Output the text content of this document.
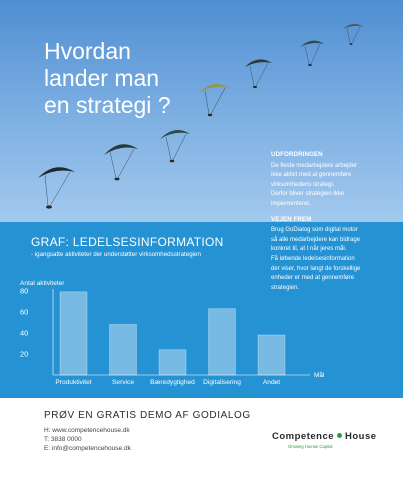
Hvordan
lander man
en strategi ?
UDFORDRINGEN
De fleste medarbejdere arbejder
ikke aktivt med at gennemføre
virksomhedens strategi.
Derfor bliver strategien ikke
implementeret.
VEJEN FREM
Brug GoDialog som digital motor
så alle medarbejdere kan bidrage
konkret til, at I når jeres mål.
Få løbende ledelsesinformation
der viser, hvor langt de forskellige
enheder er med at gennemføre
strategien.
GRAF: LEDELSESINFORMATION
- igangsatte aktiviteter der understøtter virksomhedsstrategien
Antal aktiviteter
20
40
60
80
Produktivitet	Service Bæredygtighed Digitalisering	Andet
Mål
PRØV EN GRATIS DEMO AF GODIALOG
H: www.competencehouse.dk
T: 3838 0000
E: info@competencehouse.dk
Competence House
Growing Human Capital
